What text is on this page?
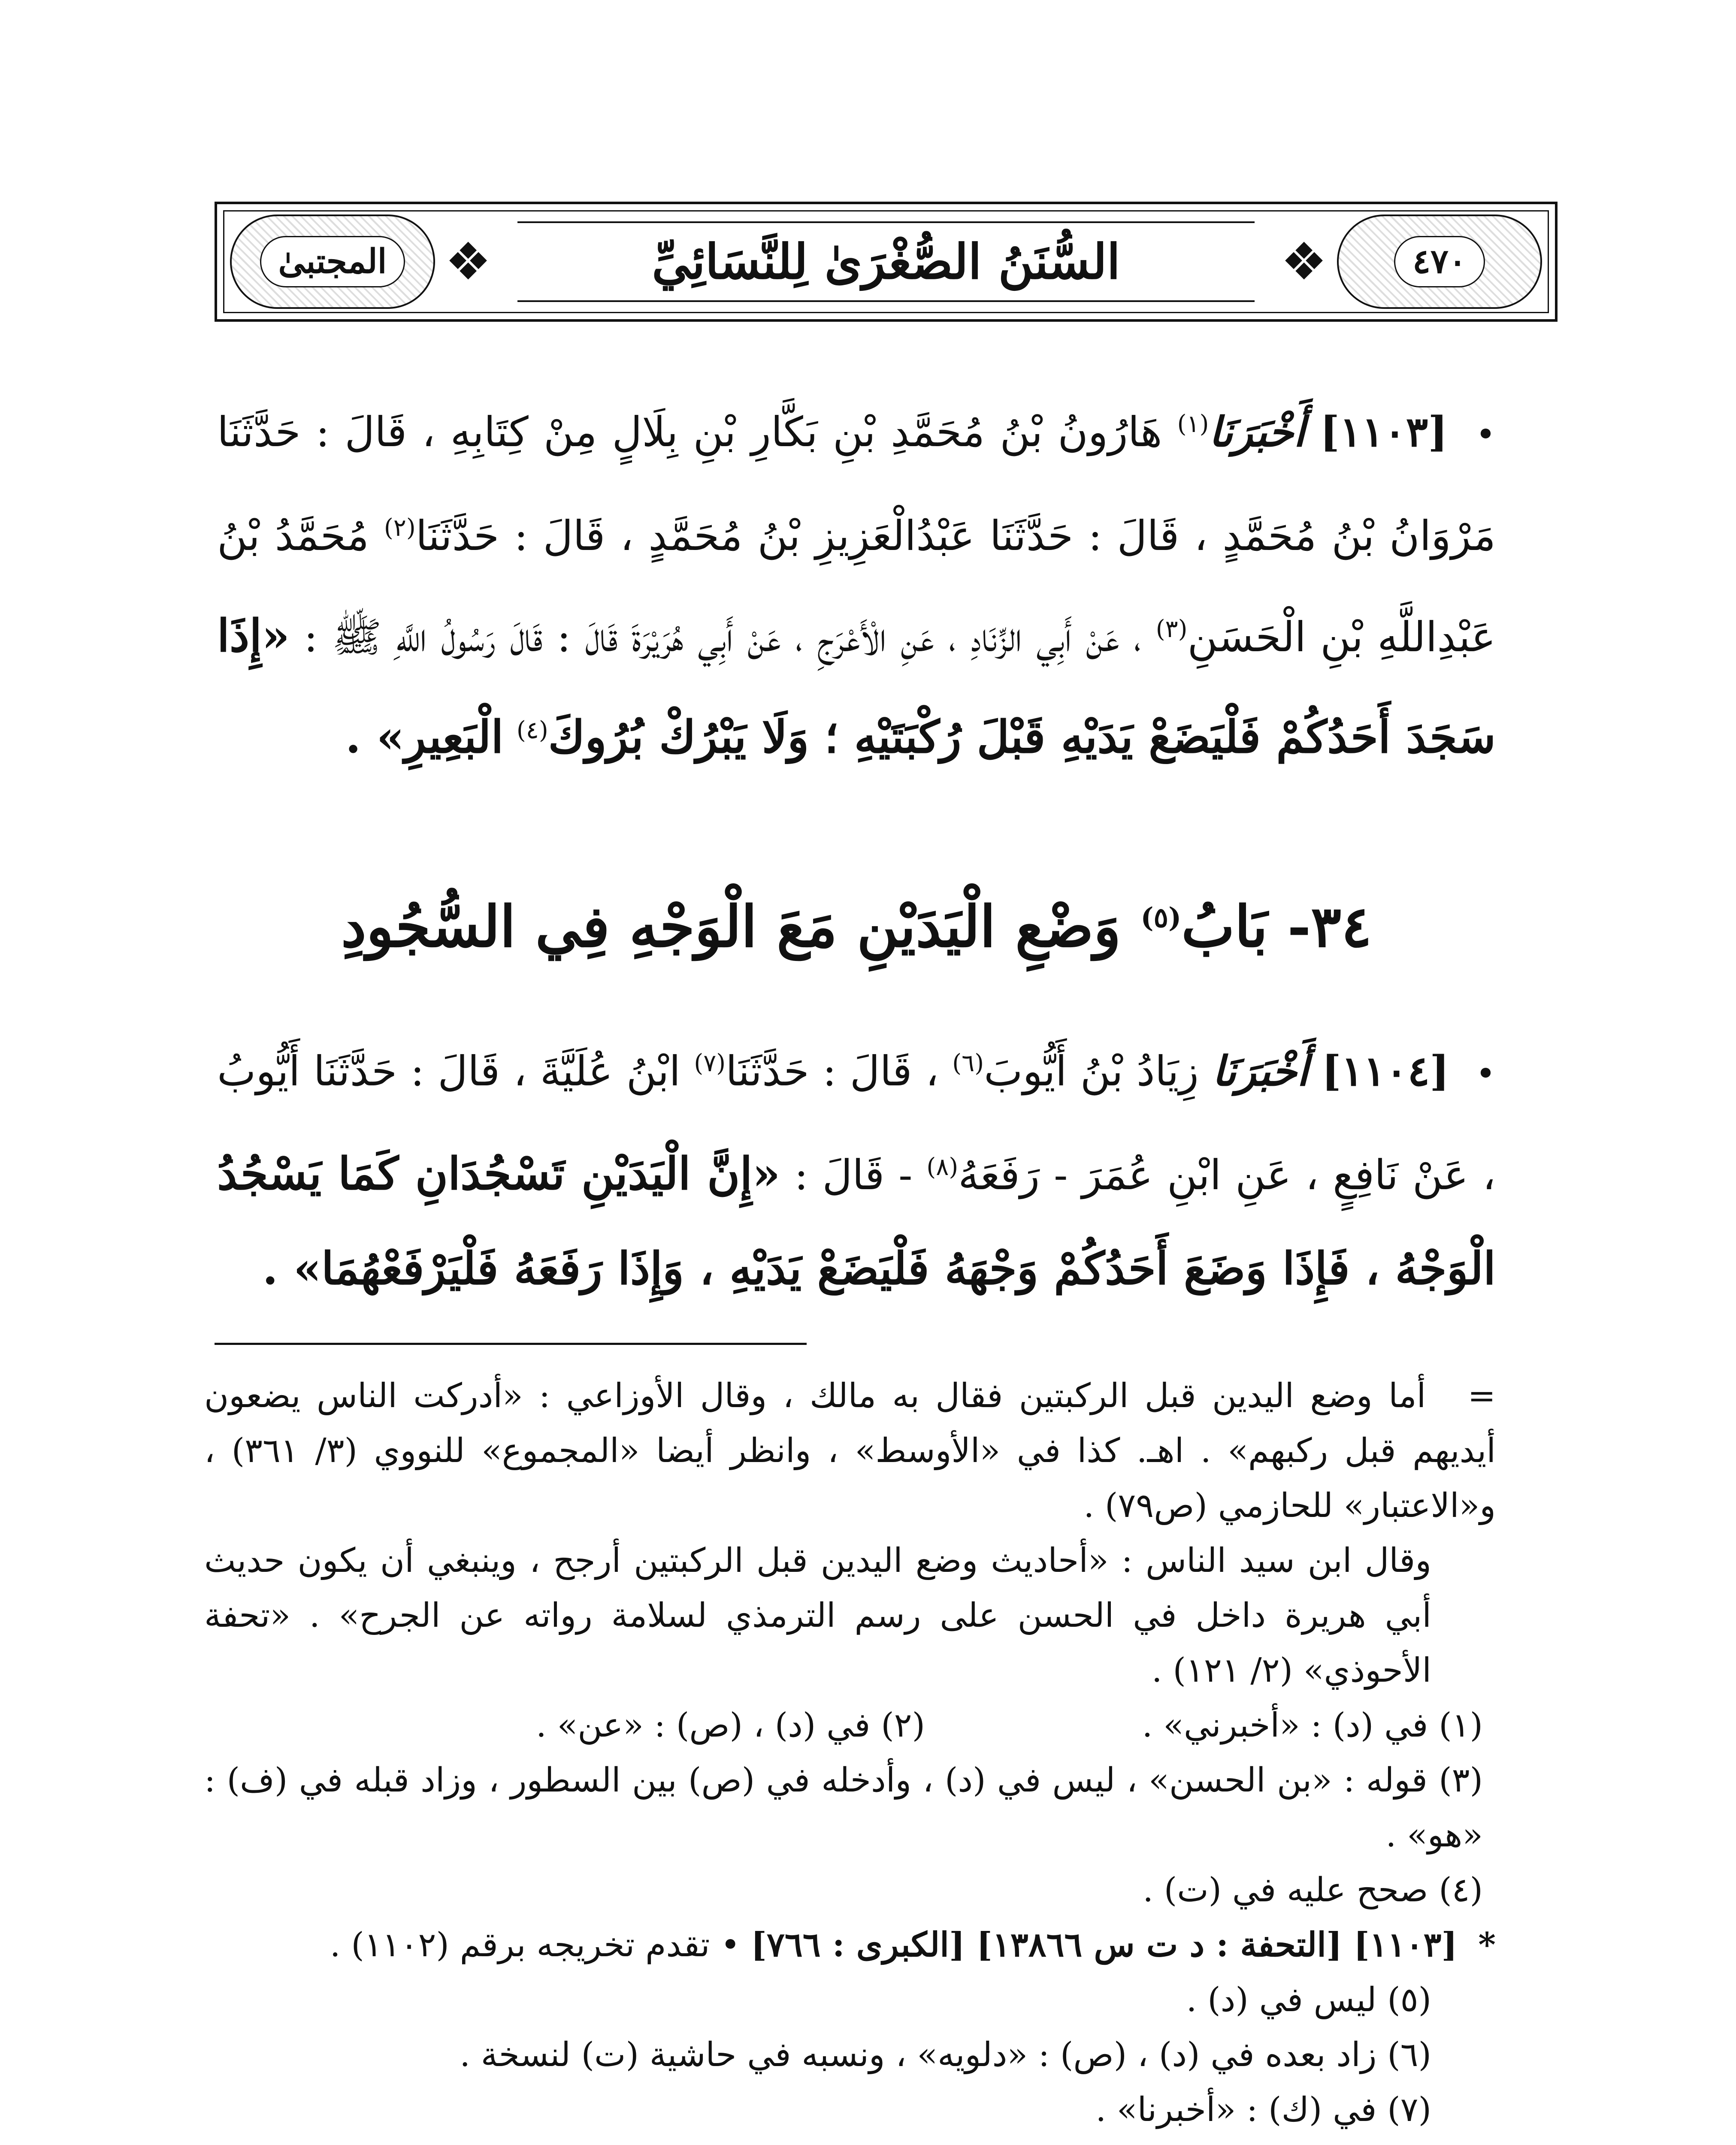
٤٧٠
❖
السُّنَنُ الصُّغْرَىٰ لِلنَّسَائِيِّ
❖
المجتبىٰ
• [١١٠٣] أَخْبَرَنَا$^{(١)}$ هَارُونُ بْنُ مُحَمَّدِ بْنِ بَكَّارِ بْنِ بِلَالٍ مِنْ كِتَابِهِ ، قَالَ : حَدَّثَنَا مَرْوَانُ بْنُ مُحَمَّدٍ ، قَالَ : حَدَّثَنَا عَبْدُالْعَزِيزِ بْنُ مُحَمَّدٍ ، قَالَ : حَدَّثَنَا$^{(٢)}$ مُحَمَّدُ بْنُ عَبْدِاللَّهِ بْنِ الْحَسَنِ$^{(٣)}$ ، عَنْ أَبِي الزِّنَادِ ، عَنِ الْأَعْرَجِ ، عَنْ أَبِي هُرَيْرَةَ قَالَ : قَالَ رَسُولُ اللَّهِ ﷺ : «إِذَا سَجَدَ أَحَدُكُمْ فَلْيَضَعْ يَدَيْهِ قَبْلَ رُكْبَتَيْهِ ؛ وَلَا يَبْرُكْ بُرُوكَ$^{(٤)}$ الْبَعِيرِ» .
٣٤- بَابُ$^{(٥)}$ وَضْعِ الْيَدَيْنِ مَعَ الْوَجْهِ فِي السُّجُودِ
• [١١٠٤] أَخْبَرَنَا زِيَادُ بْنُ أَيُّوبَ$^{(٦)}$ ، قَالَ : حَدَّثَنَا$^{(٧)}$ ابْنُ عُلَيَّةَ ، قَالَ : حَدَّثَنَا أَيُّوبُ ، عَنْ نَافِعٍ ، عَنِ ابْنِ عُمَرَ - رَفَعَهُ$^{(٨)}$ - قَالَ : «إِنَّ الْيَدَيْنِ تَسْجُدَانِ كَمَا يَسْجُدُ الْوَجْهُ ، فَإِذَا وَضَعَ أَحَدُكُمْ وَجْهَهُ فَلْيَضَعْ يَدَيْهِ ، وَإِذَا رَفَعَهُ فَلْيَرْفَعْهُمَا» .
= أما وضع اليدين قبل الركبتين فقال به مالك ، وقال الأوزاعي : «أدركت الناس يضعون أيديهم قبل ركبهم» . اهـ. كذا في «الأوسط» ، وانظر أيضا «المجموع» للنووي (٣/ ٣٦١) ، و«الاعتبار» للحازمي (ص٧٩) .
وقال ابن سيد الناس : «أحاديث وضع اليدين قبل الركبتين أرجح ، وينبغي أن يكون حديث أبي هريرة داخل في الحسن على رسم الترمذي لسلامة رواته عن الجرح» . «تحفة الأحوذي» (٢/ ١٢١) .
(١) في (د) : «أخبرني» .
(٢) في (د) ، (ص) : «عن» .
(٣) قوله : «بن الحسن» ، ليس في (د) ، وأدخله في (ص) بين السطور ، وزاد قبله في (ف) : «هو» .
(٤) صحح عليه في (ت) .
* [١١٠٣] [التحفة : د ت س ١٣٨٦٦] [الكبرى : ٧٦٦] • تقدم تخريجه برقم (١١٠٢) .
(٥) ليس في (د) .
(٦) زاد بعده في (د) ، (ص) : «دلويه» ، ونسبه في حاشية (ت) لنسخة .
(٧) في (ك) : «أخبرنا» .
